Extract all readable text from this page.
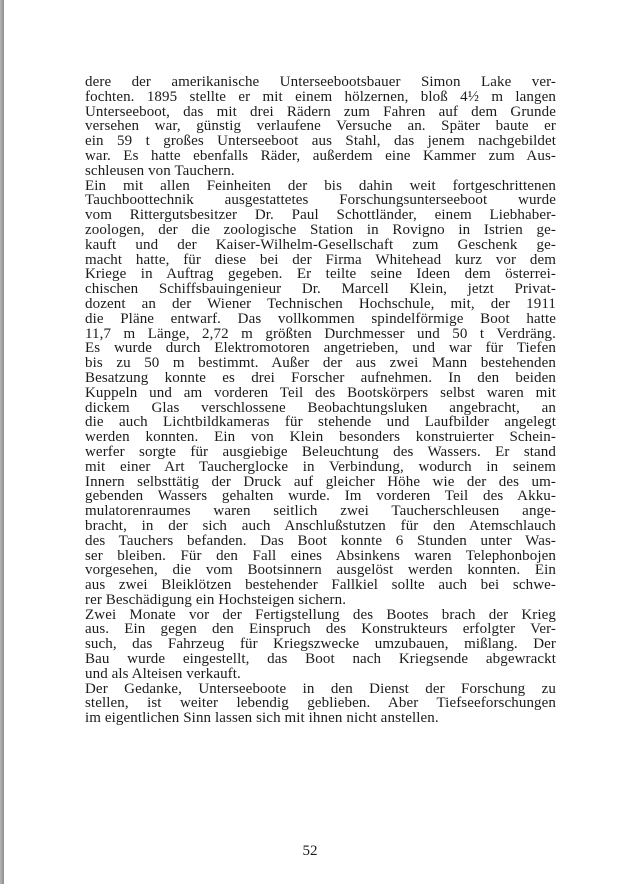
dere der amerikanische Unterseebootsbauer Simon Lake ver-
fochten. 1895 stellte er mit einem hölzernen, bloß 4½ m langen
Unterseeboot, das mit drei Rädern zum Fahren auf dem Grunde
versehen war, günstig verlaufene Versuche an. Später baute er
ein 59 t großes Unterseeboot aus Stahl, das jenem nachgebildet
war. Es hatte ebenfalls Räder, außerdem eine Kammer zum Aus-
schleusen von Tauchern.
Ein mit allen Feinheiten der bis dahin weit fortgeschrittenen
Tauchboottechnik ausgestattetes Forschungsunterseeboot wurde
vom Rittergutsbesitzer Dr. Paul Schottländer, einem Liebhaber-
zoologen, der die zoologische Station in Rovigno in Istrien ge-
kauft und der Kaiser-Wilhelm-Gesellschaft zum Geschenk ge-
macht hatte, für diese bei der Firma Whitehead kurz vor dem
Kriege in Auftrag gegeben. Er teilte seine Ideen dem österrei-
chischen Schiffsbauingenieur Dr. Marcell Klein, jetzt Privat-
dozent an der Wiener Technischen Hochschule, mit, der 1911
die Pläne entwarf. Das vollkommen spindelförmige Boot hatte
11,7 m Länge, 2,72 m größten Durchmesser und 50 t Verdräng.
Es wurde durch Elektromotoren angetrieben, und war für Tiefen
bis zu 50 m bestimmt. Außer der aus zwei Mann bestehenden
Besatzung konnte es drei Forscher aufnehmen. In den beiden
Kuppeln und am vorderen Teil des Bootskörpers selbst waren mit
dickem Glas verschlossene Beobachtungsluken angebracht, an
die auch Lichtbildkameras für stehende und Laufbilder angelegt
werden konnten. Ein von Klein besonders konstruierter Schein-
werfer sorgte für ausgiebige Beleuchtung des Wassers. Er stand
mit einer Art Taucherglocke in Verbindung, wodurch in seinem
Innern selbsttätig der Druck auf gleicher Höhe wie der des um-
gebenden Wassers gehalten wurde. Im vorderen Teil des Akku-
mulatorenraumes waren seitlich zwei Taucherschleusen ange-
bracht, in der sich auch Anschlußstutzen für den Atemschlauch
des Tauchers befanden. Das Boot konnte 6 Stunden unter Was-
ser bleiben. Für den Fall eines Absinkens waren Telephonbojen
vorgesehen, die vom Bootsinnern ausgelöst werden konnten. Ein
aus zwei Bleiklötzen bestehender Fallkiel sollte auch bei schwe-
rer Beschädigung ein Hochsteigen sichern.
Zwei Monate vor der Fertigstellung des Bootes brach der Krieg
aus. Ein gegen den Einspruch des Konstrukteurs erfolgter Ver-
such, das Fahrzeug für Kriegszwecke umzubauen, mißlang. Der
Bau wurde eingestellt, das Boot nach Kriegsende abgewrackt
und als Alteisen verkauft.
Der Gedanke, Unterseeboote in den Dienst der Forschung zu
stellen, ist weiter lebendig geblieben. Aber Tiefseeforschungen
im eigentlichen Sinn lassen sich mit ihnen nicht anstellen.
52
